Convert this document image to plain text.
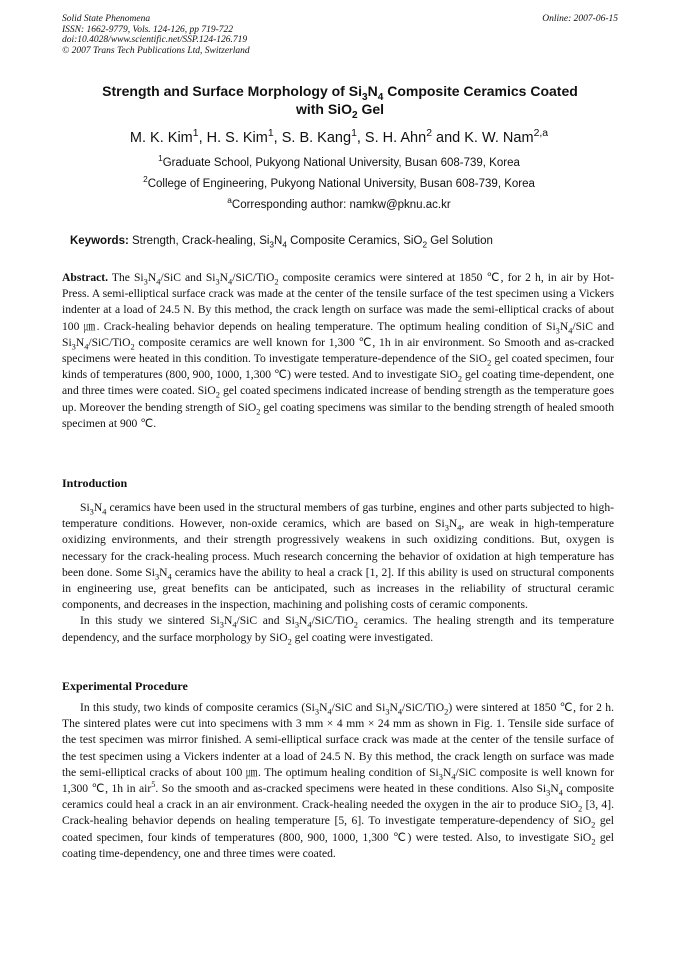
Solid State Phenomena
ISSN: 1662-9779, Vols. 124-126, pp 719-722
doi:10.4028/www.scientific.net/SSP.124-126.719
© 2007 Trans Tech Publications Ltd, Switzerland
Online: 2007-06-15
Strength and Surface Morphology of $Si_3N_4$ Composite Ceramics Coated
with SiO$_2$ Gel
M. K. Kim$^1$, H. S. Kim$^1$, S. B. Kang$^1$, S. H. Ahn$^2$ and K. W. Nam$^{2,a}$
$^1$Graduate School, Pukyong National University, Busan 608-739, Korea
$^2$College of Engineering, Pukyong National University, Busan 608-739, Korea
$^a$Corresponding author: namkw@pknu.ac.kr
Keywords: Strength, Crack-healing, $Si_3N_4$ Composite Ceramics, SiO$_2$ Gel Solution

Abstract. The $Si_3N_4$/SiC and $Si_3N_4/SiC/TiO_2$ composite ceramics were sintered at 1850 ℃, for 2 h, in air by Hot-Press. A semi-elliptical surface crack was made at the center of the tensile surface of the test specimen using a Vickers indenter at a load of 24.5 N. By this method, the crack length on surface was made the semi-elliptical cracks of about 100 ㎛. Crack-healing behavior depends on healing temperature. The optimum healing condition of $Si_3N_4$/SiC and $Si_3N_4/SiC/TiO_2$ composite ceramics are well known for 1,300 ℃, 1h in air environment. So Smooth and as-cracked specimens were heated in this condition. To investigate temperature-dependence of the SiO$_2$ gel coated specimen, four kinds of temperatures (800, 900, 1000, 1,300 ℃) were tested. And to investigate SiO$_2$ gel coating time-dependent, one and three times were coated. SiO$_2$ gel coated specimens indicated increase of bending strength as the temperature goes up. Moreover the bending strength of SiO$_2$ gel coating specimens was similar to the bending strength of healed smooth specimen at 900 ℃.

Introduction

$Si_3N_4$ ceramics have been used in the structural members of gas turbine, engines and other parts subjected to high-temperature conditions. However, non-oxide ceramics, which are based on $Si_3N_4$, are weak in high-temperature oxidizing environments, and their strength progressively weakens in such oxidizing conditions. But, oxygen is necessary for the crack-healing process. Much research concerning the behavior of oxidation at high temperature has been done. Some $Si_3N_4$ ceramics have the ability to heal a crack [1, 2]. If this ability is used on structural components in engineering use, great benefits can be anticipated, such as increases in the reliability of structural ceramic components, and decreases in the inspection, machining and polishing costs of ceramic components.

In this study we sintered $Si_3N_4$/SiC and $Si_3N_4/SiC/TiO_2$ ceramics. The healing strength and its temperature dependency, and the surface morphology by SiO$_2$ gel coating were investigated.

Experimental Procedure

In this study, two kinds of composite ceramics ($Si_3N_4$/SiC and $Si_3N_4/SiC/TiO_2$) were sintered at 1850 ℃, for 2 h. The sintered plates were cut into specimens with 3 mm × 4 mm × 24 mm as shown in Fig. 1. Tensile side surface of the test specimen was mirror finished. A semi-elliptical surface crack was made at the center of the tensile surface of the test specimen using a Vickers indenter at a load of 24.5 N. By this method, the crack length on surface was made the semi-elliptical cracks of about 100 ㎛. The optimum healing condition of $Si_3N_4$/SiC composite is well known for 1,300 ℃, 1h in air$^5$. So the smooth and as-cracked specimens were heated in these conditions. Also $Si_3N_4$ composite ceramics could heal a crack in an air environment. Crack-healing needed the oxygen in the air to produce SiO$_2$ [3, 4]. Crack-healing behavior depends on healing temperature [5, 6]. To investigate temperature-dependency of SiO$_2$ gel coated specimen, four kinds of temperatures (800, 900, 1000, 1,300 ℃) were tested. Also, to investigate SiO$_2$ gel coating time-dependency, one and three times were coated.
